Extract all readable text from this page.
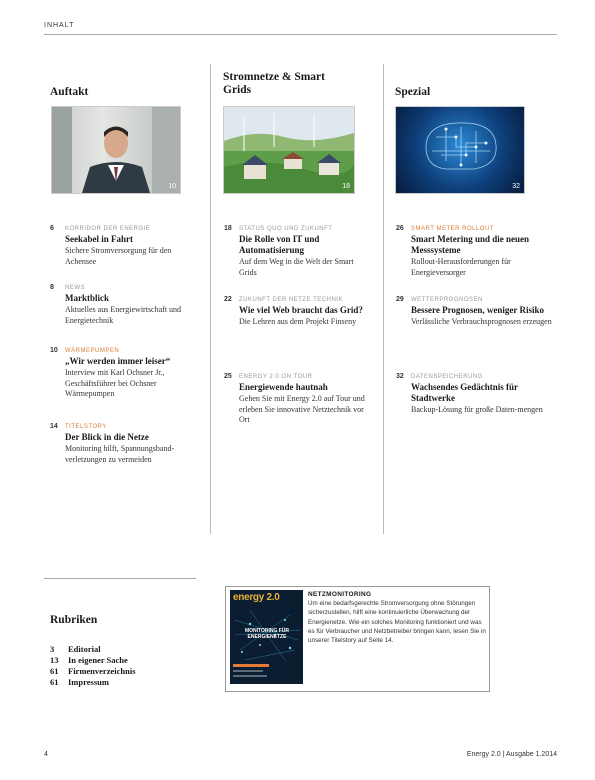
INHALT
Auftakt
Stromnetze & Smart Grids	Spezial
10	18	32
6 KORRIDOR DER ENERGIE
Seekabel in Fahrt
Sichere Stromversorgung für den Achensee
8 NEWS
Marktblick
Aktuelles aus Energiewirtschaft und Energietechnik
10 WÄRMEPUMPEN
„Wir werden immer leiser“
Interview mit Karl Ochsner Jr., Geschäftsführer bei Ochsner Wärmepumpen
14 TITELSTORY
Der Blick in die Netze
Monitoring hilft, Spannungsband-verletzungen zu vermeiden
18 STATUS QUO UND ZUKUNFT
Die Rolle von IT und Automatisierung
Auf dem Weg in die Welt der Smart Grids
22 ZUKUNFT DER NETZE TECHNIK
Wie viel Web braucht das Grid?
Die Lehren aus dem Projekt Finseny
25 ENERGY 2.0 ON TOUR
Energiewende hautnah
Gehen Sie mit Energy 2.0 auf Tour und erleben Sie innovative Netztechnik vor Ort
26 SMART METER ROLLOUT
Smart Metering und die neuen Messsysteme
Rollout-Herausforderungen für Energieversorger
29 WETTERPROGNOSEN
Bessere Prognosen, weniger Risiko
Verlässliche Verbrauchsprognosen erzeugen
32 DATENSPEICHERUNG
Wachsendes Gedächtnis für Stadtwerke
Backup-Lösung für große Daten-mengen
Rubriken
3 Editorial
13 In eigener Sache
61 Firmenverzeichnis
61 Impressum
energy 2.0
MONITORING FÜR ENERGIENETZE
NETZMONITORING
Um eine bedarfsgerechte Stromversorgung ohne Störungen sicherzustellen, hilft eine kontinuierliche Überwachung der Energienetze. Wie ein solches Monitoring funktioniert und was es für Verbraucher und Netzbetreiber bringen kann, lesen Sie in unserer Titelstory auf Seite 14.
4	Energy 2.0 | Ausgabe 1.2014
